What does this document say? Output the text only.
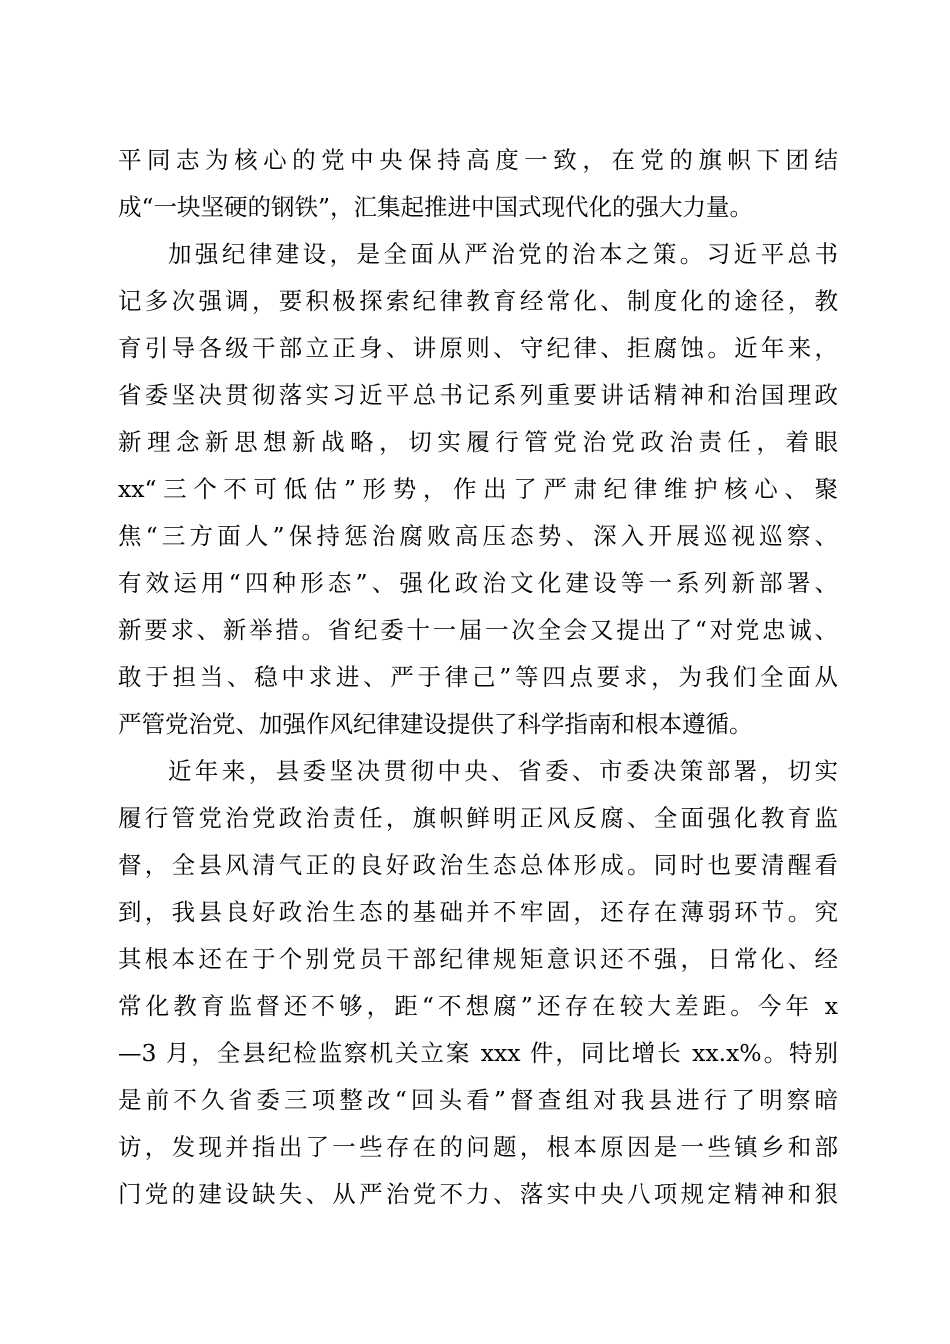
平同志为核心的党中央保持高度一致，在党的旗帜下团结
成“一块坚硬的钢铁”，汇集起推进中国式现代化的强大力量。
加强纪律建设，是全面从严治党的治本之策。习近平总书
记多次强调，要积极探索纪律教育经常化、制度化的途径，教
育引导各级干部立正身、讲原则、守纪律、拒腐蚀。近年来，
省委坚决贯彻落实习近平总书记系列重要讲话精神和治国理政
新理念新思想新战略，切实履行管党治党政治责任，着眼
xx“三个不可低估”形势，作出了严肃纪律维护核心、聚
焦“三方面人”保持惩治腐败高压态势、深入开展巡视巡察、
有效运用“四种形态”、强化政治文化建设等一系列新部署、
新要求、新举措。省纪委十一届一次全会又提出了“对党忠诚、
敢于担当、稳中求进、严于律己”等四点要求，为我们全面从
严管党治党、加强作风纪律建设提供了科学指南和根本遵循。
近年来，县委坚决贯彻中央、省委、市委决策部署，切实
履行管党治党政治责任，旗帜鲜明正风反腐、全面强化教育监
督，全县风清气正的良好政治生态总体形成。同时也要清醒看
到，我县良好政治生态的基础并不牢固，还存在薄弱环节。究
其根本还在于个别党员干部纪律规矩意识还不强，日常化、经
常化教育监督还不够，距“不想腐”还存在较大差距。今年 x
—3 月，全县纪检监察机关立案 xxx 件，同比增长 xx.x%。特别
是前不久省委三项整改“回头看”督查组对我县进行了明察暗
访，发现并指出了一些存在的问题，根本原因是一些镇乡和部
门党的建设缺失、从严治党不力、落实中央八项规定精神和狠
